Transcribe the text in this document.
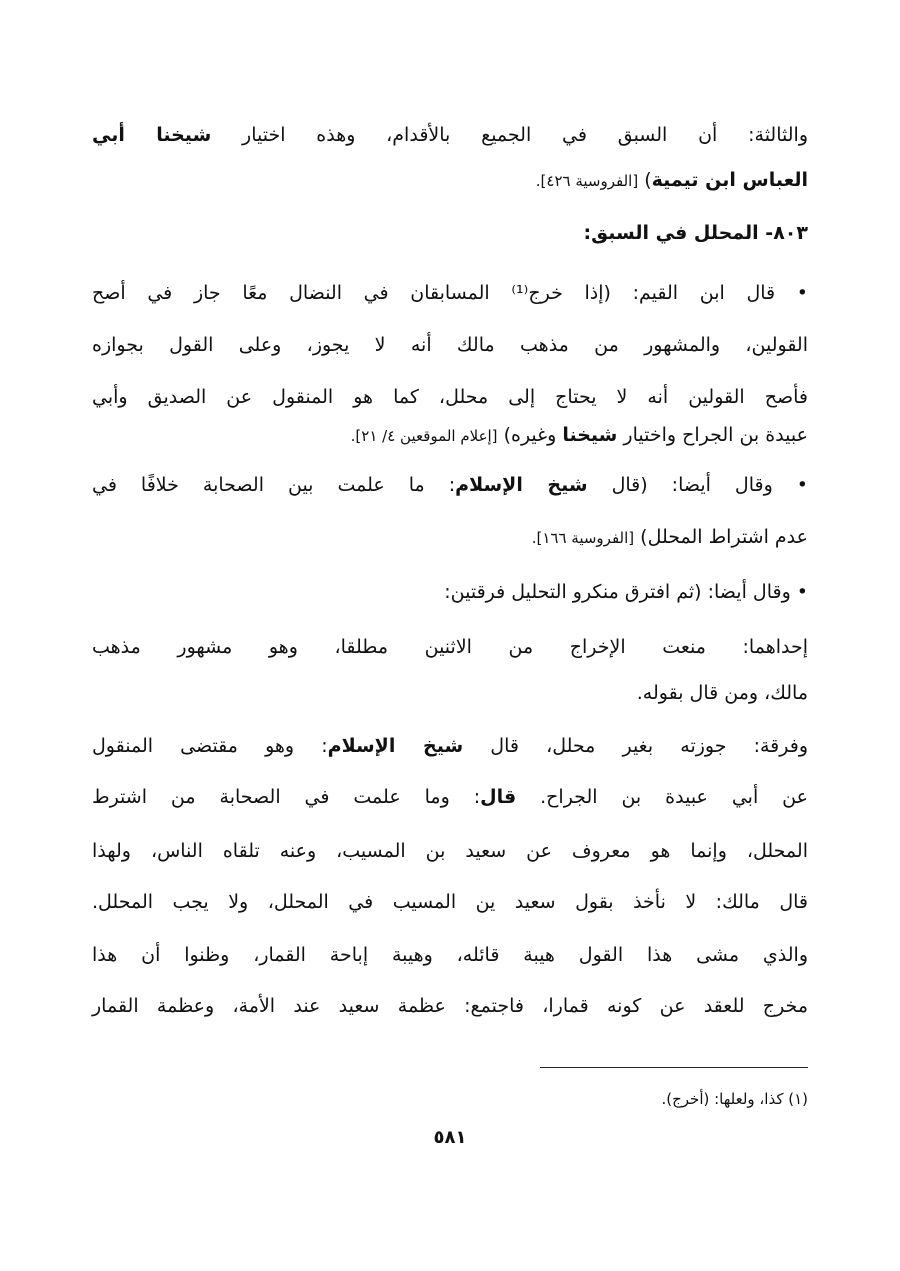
(١) كذا، ولعلها: (أخرج).
٥٨١
والثالثة: أن السبق في الجميع بالأقدام، وهذه اختيار شيخنا أبي
العباس ابن تيمية) [الفروسية ٤٢٦].
٨٠٣- المحلل في السبق:
• قال ابن القيم: (إذا خرج⁽¹⁾ المسابقان في النضال معًا جاز في أصح
القولين، والمشهور من مذهب مالك أنه لا يجوز، وعلى القول بجوازه
فأصح القولين أنه لا يحتاج إلى محلل، كما هو المنقول عن الصديق وأبي
عبيدة بن الجراح واختيار شيخنا وغيره) [إعلام الموقعين ٤/ ٢١].
• وقال أيضا: (قال شيخ الإسلام: ما علمت بين الصحابة خلافًا في
عدم اشتراط المحلل) [الفروسية ١٦٦].
• وقال أيضا: (ثم افترق منكرو التحليل فرقتين:
إحداهما: منعت الإخراج من الاثنين مطلقا، وهو مشهور مذهب
مالك، ومن قال بقوله.
وفرقة: جوزته بغير محلل، قال شيخ الإسلام: وهو مقتضى المنقول
عن أبي عبيدة بن الجراح. قال: وما علمت في الصحابة من اشترط
المحلل، وإنما هو معروف عن سعيد بن المسيب، وعنه تلقاه الناس، ولهذا
قال مالك: لا نأخذ بقول سعيد ين المسيب في المحلل، ولا يجب المحلل.
والذي مشى هذا القول هيبة قائله، وهيبة إباحة القمار، وظنوا أن هذا
مخرج للعقد عن كونه قمارا، فاجتمع: عظمة سعيد عند الأمة، وعظمة القمار
